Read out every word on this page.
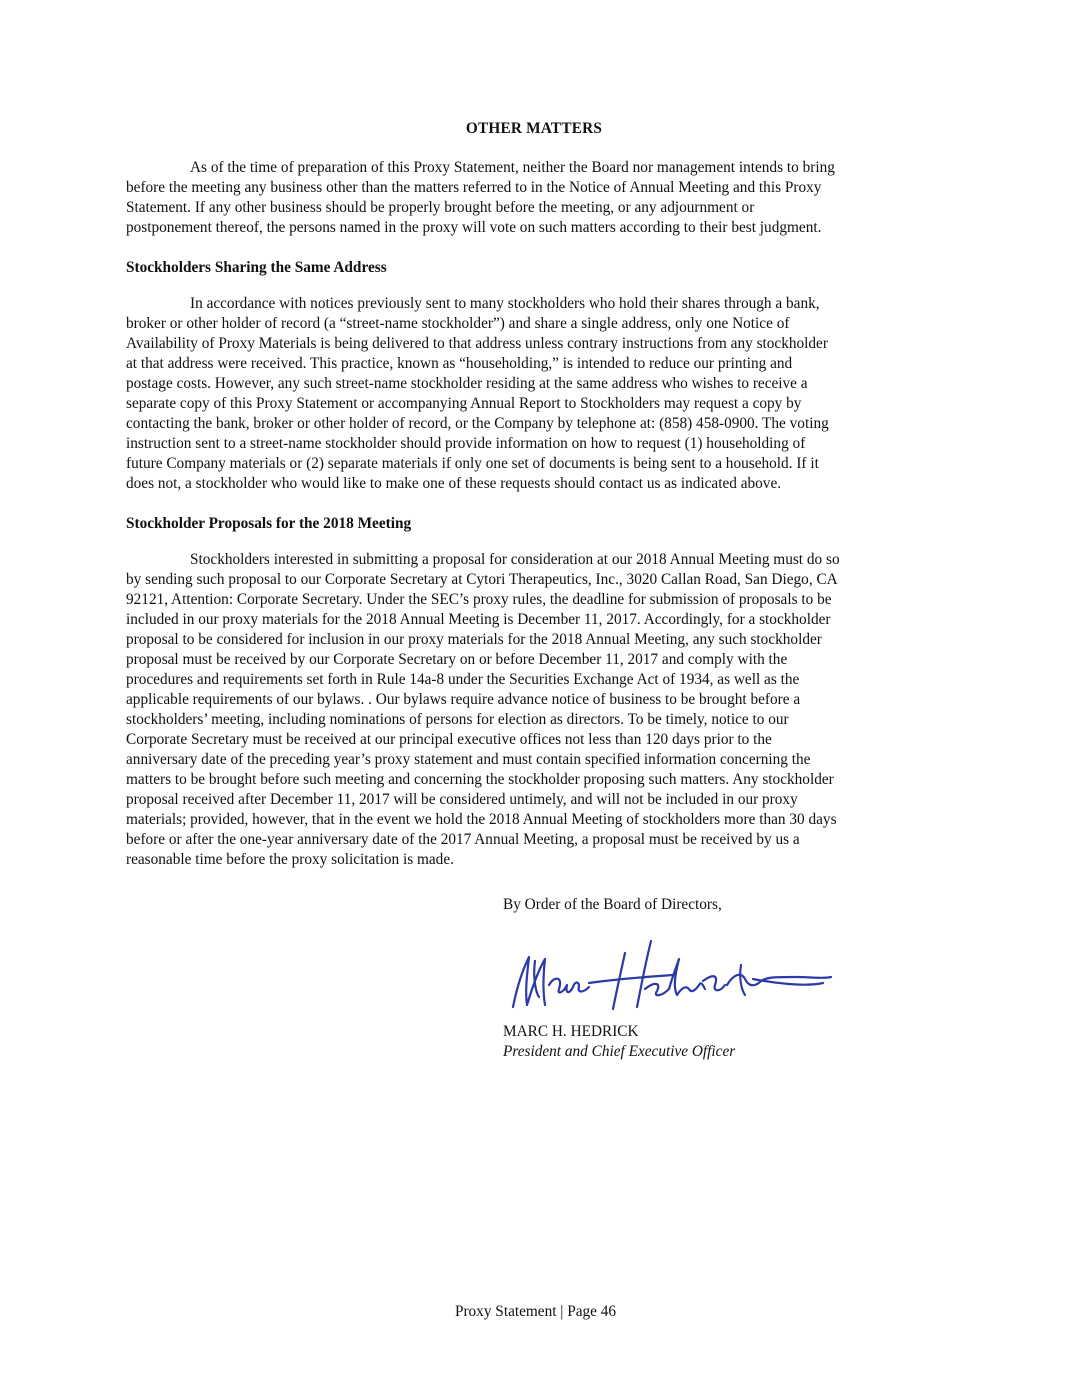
OTHER MATTERS

As of the time of preparation of this Proxy Statement, neither the Board nor management intends to bring
before the meeting any business other than the matters referred to in the Notice of Annual Meeting and this Proxy
Statement. If any other business should be properly brought before the meeting, or any adjournment or
postponement thereof, the persons named in the proxy will vote on such matters according to their best judgment.

Stockholders Sharing the Same Address

In accordance with notices previously sent to many stockholders who hold their shares through a bank,
broker or other holder of record (a “street-name stockholder”) and share a single address, only one Notice of
Availability of Proxy Materials is being delivered to that address unless contrary instructions from any stockholder
at that address were received. This practice, known as “householding,” is intended to reduce our printing and
postage costs. However, any such street-name stockholder residing at the same address who wishes to receive a
separate copy of this Proxy Statement or accompanying Annual Report to Stockholders may request a copy by
contacting the bank, broker or other holder of record, or the Company by telephone at: (858) 458-0900. The voting
instruction sent to a street-name stockholder should provide information on how to request (1) householding of
future Company materials or (2) separate materials if only one set of documents is being sent to a household. If it
does not, a stockholder who would like to make one of these requests should contact us as indicated above.

Stockholder Proposals for the 2018 Meeting

Stockholders interested in submitting a proposal for consideration at our 2018 Annual Meeting must do so
by sending such proposal to our Corporate Secretary at Cytori Therapeutics, Inc., 3020 Callan Road, San Diego, CA
92121, Attention: Corporate Secretary. Under the SEC’s proxy rules, the deadline for submission of proposals to be
included in our proxy materials for the 2018 Annual Meeting is December 11, 2017. Accordingly, for a stockholder
proposal to be considered for inclusion in our proxy materials for the 2018 Annual Meeting, any such stockholder
proposal must be received by our Corporate Secretary on or before December 11, 2017 and comply with the
procedures and requirements set forth in Rule 14a-8 under the Securities Exchange Act of 1934, as well as the
applicable requirements of our bylaws. . Our bylaws require advance notice of business to be brought before a
stockholders’ meeting, including nominations of persons for election as directors. To be timely, notice to our
Corporate Secretary must be received at our principal executive offices not less than 120 days prior to the
anniversary date of the preceding year’s proxy statement and must contain specified information concerning the
matters to be brought before such meeting and concerning the stockholder proposing such matters. Any stockholder
proposal received after December 11, 2017 will be considered untimely, and will not be included in our proxy
materials; provided, however, that in the event we hold the 2018 Annual Meeting of stockholders more than 30 days
before or after the one-year anniversary date of the 2017 Annual Meeting, a proposal must be received by us a
reasonable time before the proxy solicitation is made.

By Order of the Board of Directors,
MARC H. HEDRICK
President and Chief Executive Officer
Proxy Statement | Page 46
